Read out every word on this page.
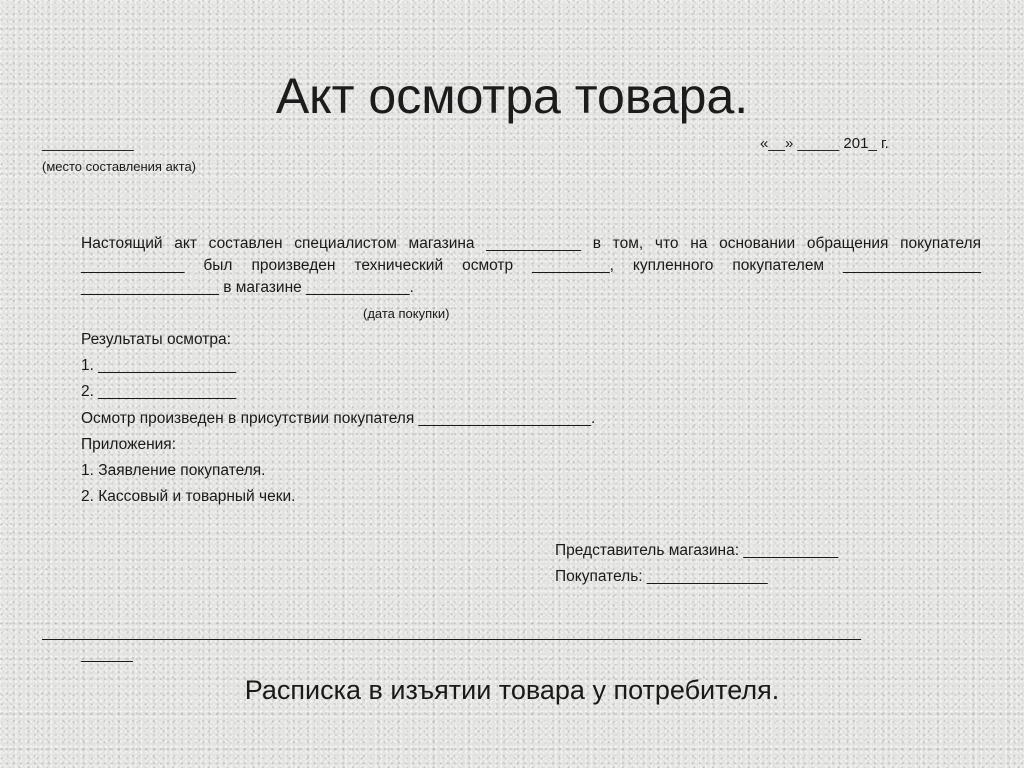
Акт осмотра товара.
___________	«__» _____ 201_ г.
(место составления акта)
Настоящий акт составлен специалистом магазина ___________ в том, что на основании обращения покупателя ____________ был произведен технический осмотр _________, купленного покупателем ________________ ________________ в магазине ____________.
(дата покупки)
Результаты осмотра:
1. ________________
2. ________________
Осмотр произведен в присутствии покупателя ____________________.
Приложения:
1. Заявление покупателя.
2. Кассовый и товарный чеки.
Представитель магазина: ___________
Покупатель: ______________
_______________________________________________________________________________________________
______
Расписка в изъятии товара у потребителя.
